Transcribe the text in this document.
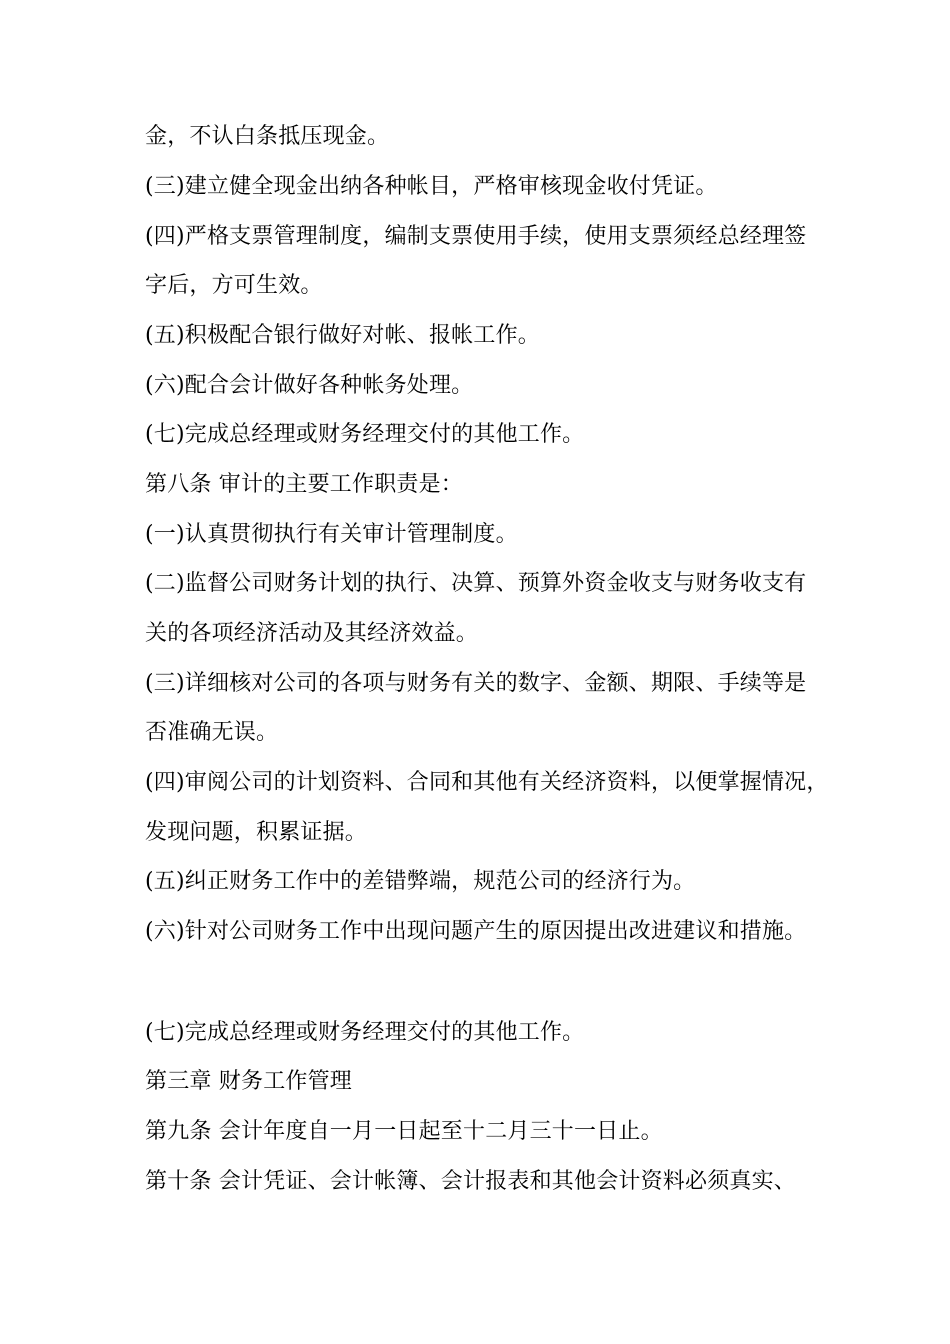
金，不认白条抵压现金。
(三)建立健全现金出纳各种帐目，严格审核现金收付凭证。
(四)严格支票管理制度，编制支票使用手续，使用支票须经总经理签
字后，方可生效。
(五)积极配合银行做好对帐、报帐工作。
(六)配合会计做好各种帐务处理。
(七)完成总经理或财务经理交付的其他工作。
第八条 审计的主要工作职责是：
(一)认真贯彻执行有关审计管理制度。
(二)监督公司财务计划的执行、决算、预算外资金收支与财务收支有
关的各项经济活动及其经济效益。
(三)详细核对公司的各项与财务有关的数字、金额、期限、手续等是
否准确无误。
(四)审阅公司的计划资料、合同和其他有关经济资料，以便掌握情况，
发现问题，积累证据。
(五)纠正财务工作中的差错弊端，规范公司的经济行为。
(六)针对公司财务工作中出现问题产生的原因提出改进建议和措施。
(七)完成总经理或财务经理交付的其他工作。
第三章 财务工作管理
第九条 会计年度自一月一日起至十二月三十一日止。
第十条 会计凭证、会计帐簿、会计报表和其他会计资料必须真实、
